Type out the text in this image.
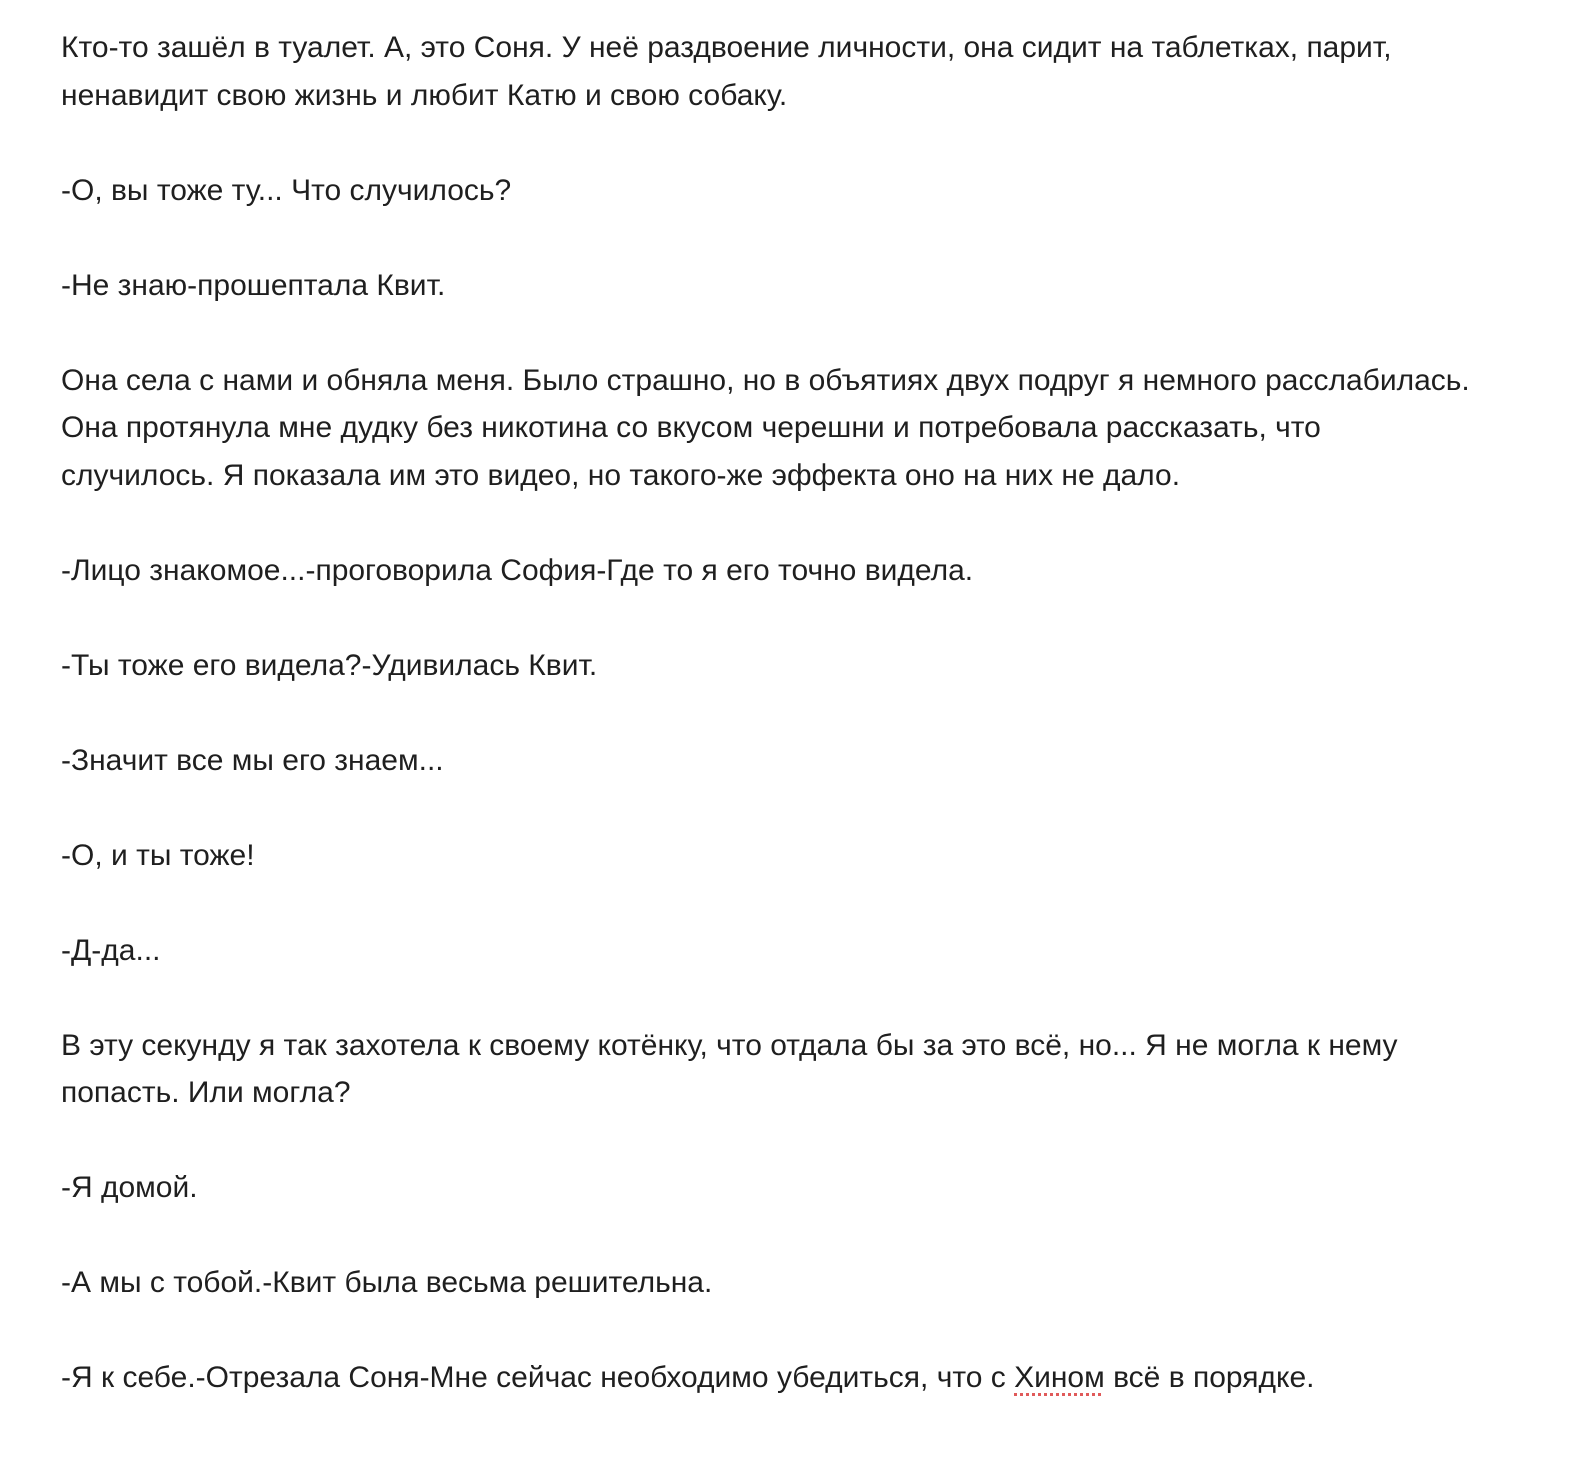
Кто-то зашёл в туалет. А, это Соня. У неё раздвоение личности, она сидит на таблетках, парит, ненавидит свою жизнь и любит Катю и свою собаку.

-О, вы тоже ту... Что случилось?

-Не знаю-прошептала Квит.

Она села с нами и обняла меня. Было страшно, но в объятиях двух подруг я немного расслабилась. Она протянула мне дудку без никотина со вкусом черешни и потребовала рассказать, что случилось. Я показала им это видео, но такого-же эффекта оно на них не дало.

-Лицо знакомое...-проговорила София-Где то я его точно видела.

-Ты тоже его видела?-Удивилась Квит.

-Значит все мы его знаем...

-О, и ты тоже!

-Д-да...

В эту секунду я так захотела к своему котёнку, что отдала бы за это всё, но... Я не могла к нему попасть. Или могла?

-Я домой.

-А мы с тобой.-Квит была весьма решительна.

-Я к себе.-Отрезала Соня-Мне сейчас необходимо убедиться, что с Хином всё в порядке.
